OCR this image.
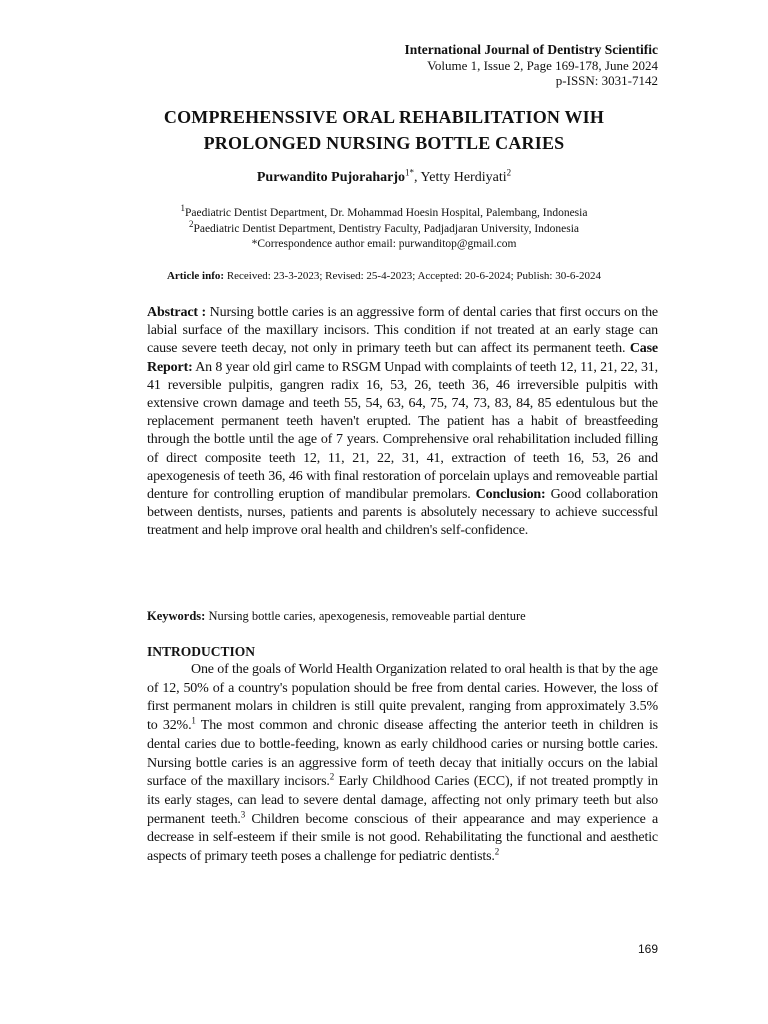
International Journal of Dentistry Scientific
Volume 1, Issue 2, Page 169-178, June 2024
p-ISSN: 3031-7142
COMPREHENSSIVE ORAL REHABILITATION WIH
PROLONGED NURSING BOTTLE CARIES
Purwandito Pujoraharjo$^{1*}$, Yetty Herdiyati$^2$
$^1$Paediatric Dentist Department, Dr. Mohammad Hoesin Hospital, Palembang, Indonesia
$^2$Paediatric Dentist Department, Dentistry Faculty, Padjadjaran University, Indonesia
*Correspondence author email: purwanditop@gmail.com
Article info: Received: 23-3-2023; Revised: 25-4-2023; Accepted: 20-6-2024; Publish: 30-6-2024

Abstract : Nursing bottle caries is an aggressive form of dental caries that first occurs on the labial surface of the maxillary incisors. This condition if not treated at an early stage can cause severe teeth decay, not only in primary teeth but can affect its permanent teeth. Case Report: An 8 year old girl came to RSGM Unpad with complaints of teeth 12, 11, 21, 22, 31, 41 reversible pulpitis, gangren radix 16, 53, 26, teeth 36, 46 irreversible pulpitis with extensive crown damage and teeth 55, 54, 63, 64, 75, 74, 73, 83, 84, 85 edentulous but the replacement permanent teeth haven't erupted. The patient has a habit of breastfeeding through the bottle until the age of 7 years. Comprehensive oral rehabilitation included filling of direct composite teeth 12, 11, 21, 22, 31, 41, extraction of teeth 16, 53, 26 and apexogenesis of teeth 36, 46 with final restoration of porcelain uplays and removeable partial denture for controlling eruption of mandibular premolars. Conclusion: Good collaboration between dentists, nurses, patients and parents is absolutely necessary to achieve successful treatment and help improve oral health and children's self-confidence.

Keywords: Nursing bottle caries, apexogenesis, removeable partial denture
INTRODUCTION

One of the goals of World Health Organization related to oral health is that by the age of 12, 50% of a country's population should be free from dental caries. However, the loss of first permanent molars in children is still quite prevalent, ranging from approximately 3.5% to 32%.$^1$ The most common and chronic disease affecting the anterior teeth in children is dental caries due to bottle-feeding, known as early childhood caries or nursing bottle caries. Nursing bottle caries is an aggressive form of teeth decay that initially occurs on the labial surface of the maxillary incisors.$^2$ Early Childhood Caries (ECC), if not treated promptly in its early stages, can lead to severe dental damage, affecting not only primary teeth but also permanent teeth.$^3$ Children become conscious of their appearance and may experience a decrease in self-esteem if their smile is not good. Rehabilitating the functional and aesthetic aspects of primary teeth poses a challenge for pediatric dentists.$^2$

169
